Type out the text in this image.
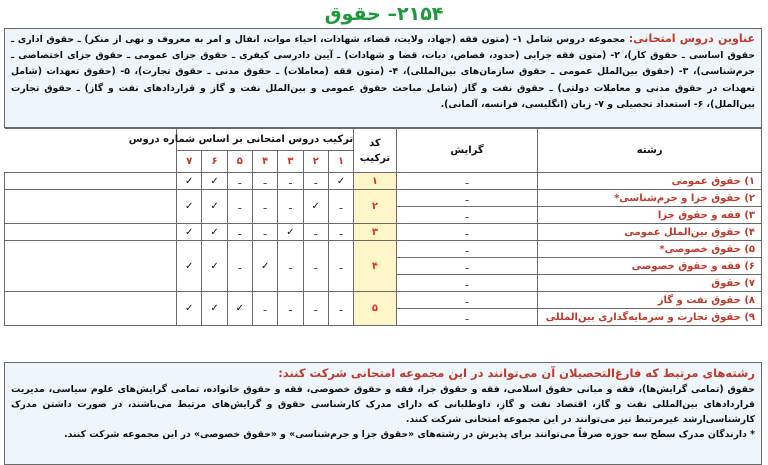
۲۱۵۴– حقوق
عناوین دروس امتحانی: مجموعه دروس شامل ۱- (متون فقه (جهاد، ولایت، قضاء، شهادات، احیاء موات، انفال و امر به معروف و نهی از منکر) ـ حقوق اداری ـ حقوق اساسی ـ حقوق کار)، ۲- (متون فقه جزایی (حدود، قصاص، دیات، قضا و شهادات) ـ آیین دادرسی کیفری ـ حقوق جزای عمومی ـ حقوق جزای اختصاصی ـ جرم‌شناسی)، ۳- (حقوق بین‌الملل عمومی ـ حقوق سازمان‌های بین‌المللی)، ۴- (متون فقه (معاملات) ـ حقوق مدنی ـ حقوق تجارت)، ۵- (حقوق تعهدات (شامل تعهدات در حقوق مدنی و معاملات دولتی) ـ حقوق نفت و گاز (شامل مباحث حقوق عمومی و بین‌الملل نفت و گاز و قراردادهای نفت و گاز) ـ حقوق تجارت بین‌الملل)، ۶- استعداد تحصیلی و ۷- زبان (انگلیسی، فرانسه، آلمانی).
رشته	گرایش	کد ترکیب	ترکیب دروس امتحانی بر اساس شماره دروس							
			۱	۲	۳	۴	۵	۶	۷	
۱) حقوق عمومی	ـ	۱	✓	ـ	ـ	ـ	ـ	✓	✓	
۲) حقوق جزا و جرم‌شناسی*	ـ	۲	ـ	✓	ـ	ـ	ـ	✓	✓	
۳) فقه و حقوق جزا	ـ									
۴) حقوق بین‌الملل عمومی	ـ	۳	ـ	ـ	✓	ـ	ـ	✓	✓	
۵) حقوق خصوصی*	ـ	۴	ـ	ـ	ـ	✓	ـ	✓	✓	
۶) فقه و حقوق خصوصی	ـ									
۷) حقوق	ـ									
۸) حقوق نفت و گاز	ـ	۵	ـ	ـ	ـ	ـ	✓	✓	✓	
۹) حقوق تجارت و سرمایه‌گذاری بین‌المللی	ـ									
رشته‌های مرتبط که فارغ‌التحصیلان آن می‌توانند در این مجموعه امتحانی شرکت کنند:
حقوق (تمامی گرایش‌ها)، فقه و مبانی حقوق اسلامی، فقه و حقوق جزا، فقه و حقوق خصوصی، فقه و حقوق خانواده، تمامی گرایش‌های علوم سیاسی، مدیریت قراردادهای بین‌المللی نفت و گاز، اقتصاد نفت و گاز، داوطلبانی که دارای مدرک کارشناسی حقوق و گرایش‌های مرتبط می‌باشند، در صورت داشتن مدرک کارشناسی‌ارشد غیرمرتبط نیز می‌توانند در این مجموعه امتحانی شرکت کنند.
* دارندگان مدرک سطح سه حوزه صرفاً می‌توانند برای پذیرش در رشته‌های «حقوق جزا و جرم‌شناسی» و «حقوق خصوصی» در این مجموعه شرکت کنند.
